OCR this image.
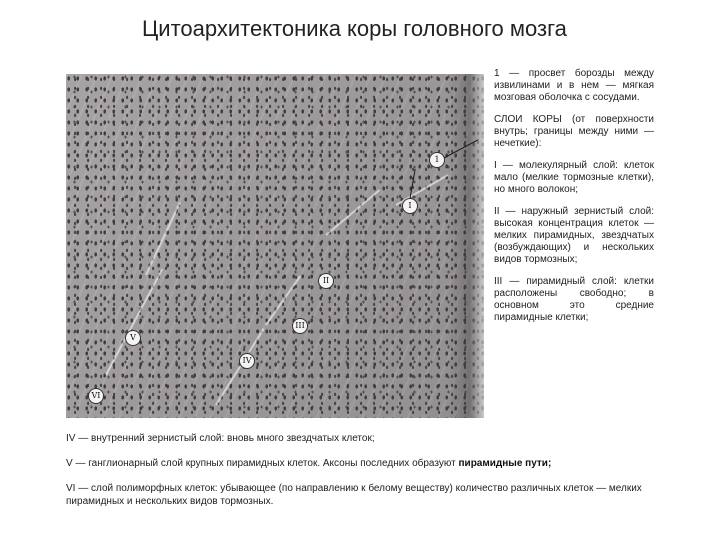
Цитоархитектоника коры головного мозга
1
I
II
III
IV
V
VI

1 — просвет борозды между извилинами и в нем — мягкая мозговая оболочка с сосудами.

СЛОИ КОРЫ (от поверхности внутрь; границы между ними — нечеткие):

I — молекулярный слой: клеток мало (мелкие тормозные клетки), но много волокон;

II — наружный зернистый слой: высокая концентрация клеток — мелких пирамидных, звездчатых (возбуждающих) и нескольких видов тормозных;

III — пирамидный слой: клетки расположены свободно; в основном это средние пирамидные клетки;

IV — внутренний зернистый слой: вновь много звездчатых клеток;

V — ганглионарный слой крупных пирамидных клеток. Аксоны последних образуют пирамидные пути;

VI — слой полиморфных клеток: убывающее (по направлению к белому веществу) количество различных клеток — мелких пирамидных и нескольких видов тормозных.
